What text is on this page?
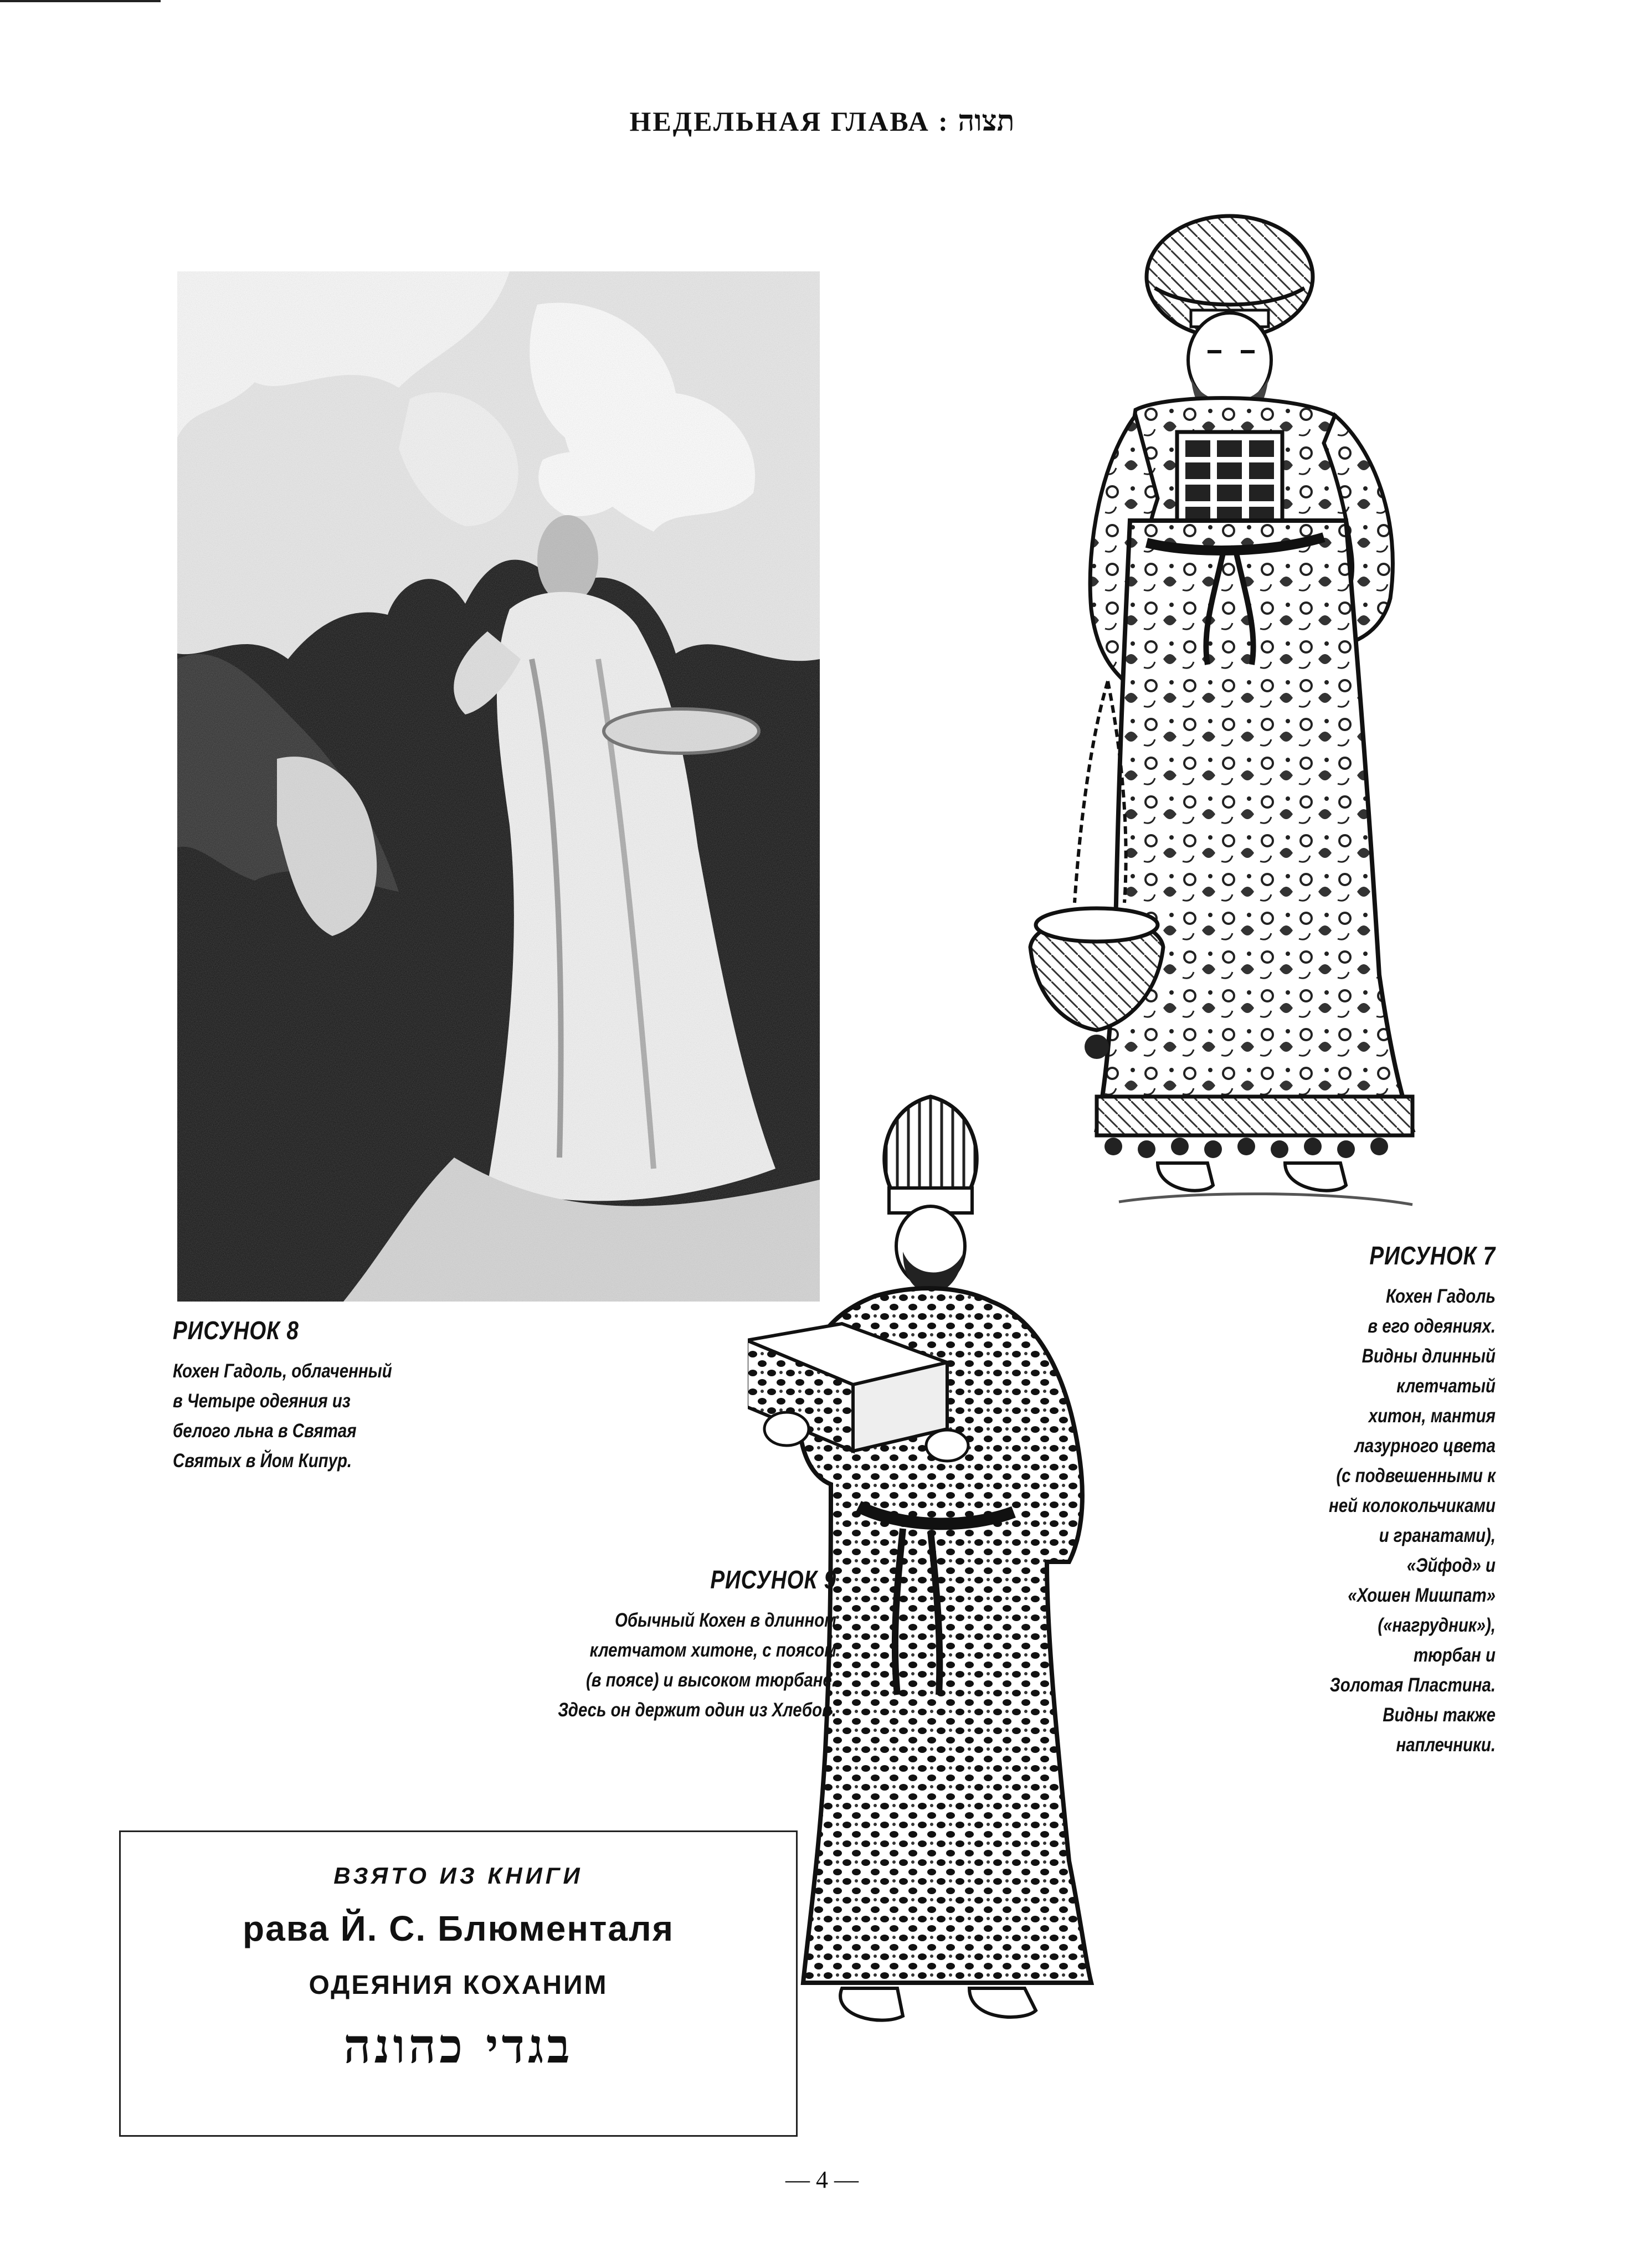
НЕДЕЛЬНАЯ ГЛАВА : תצוה
РИСУНОК 8
Кохен Гадоль, облаченный
в Четыре одеяния из
белого льна в Святая
Святых в Йом Кипур.
РИСУНОК 9
Обычный Кохен в длинном
клетчатом хитоне, с поясом
(в поясе) и высоком тюрбане.
Здесь он держит один из Хлебов.
РИСУНОК 7
Кохен Гадоль
в его одеяниях.
Видны длинный
клетчатый
хитон, мантия
лазурного цвета
(с подвешенными к
ней колокольчиками
и гранатами),
«Эйфод» и
«Хошен Мишпат»
(«нагрудник»),
тюрбан и
Золотая Пластина.
Видны также
наплечники.
ВЗЯТО ИЗ КНИГИ
рава Й. С. Блюменталя
ОДЕЯНИЯ КОХАНИМ
בגדי כהונה
— 4 —
